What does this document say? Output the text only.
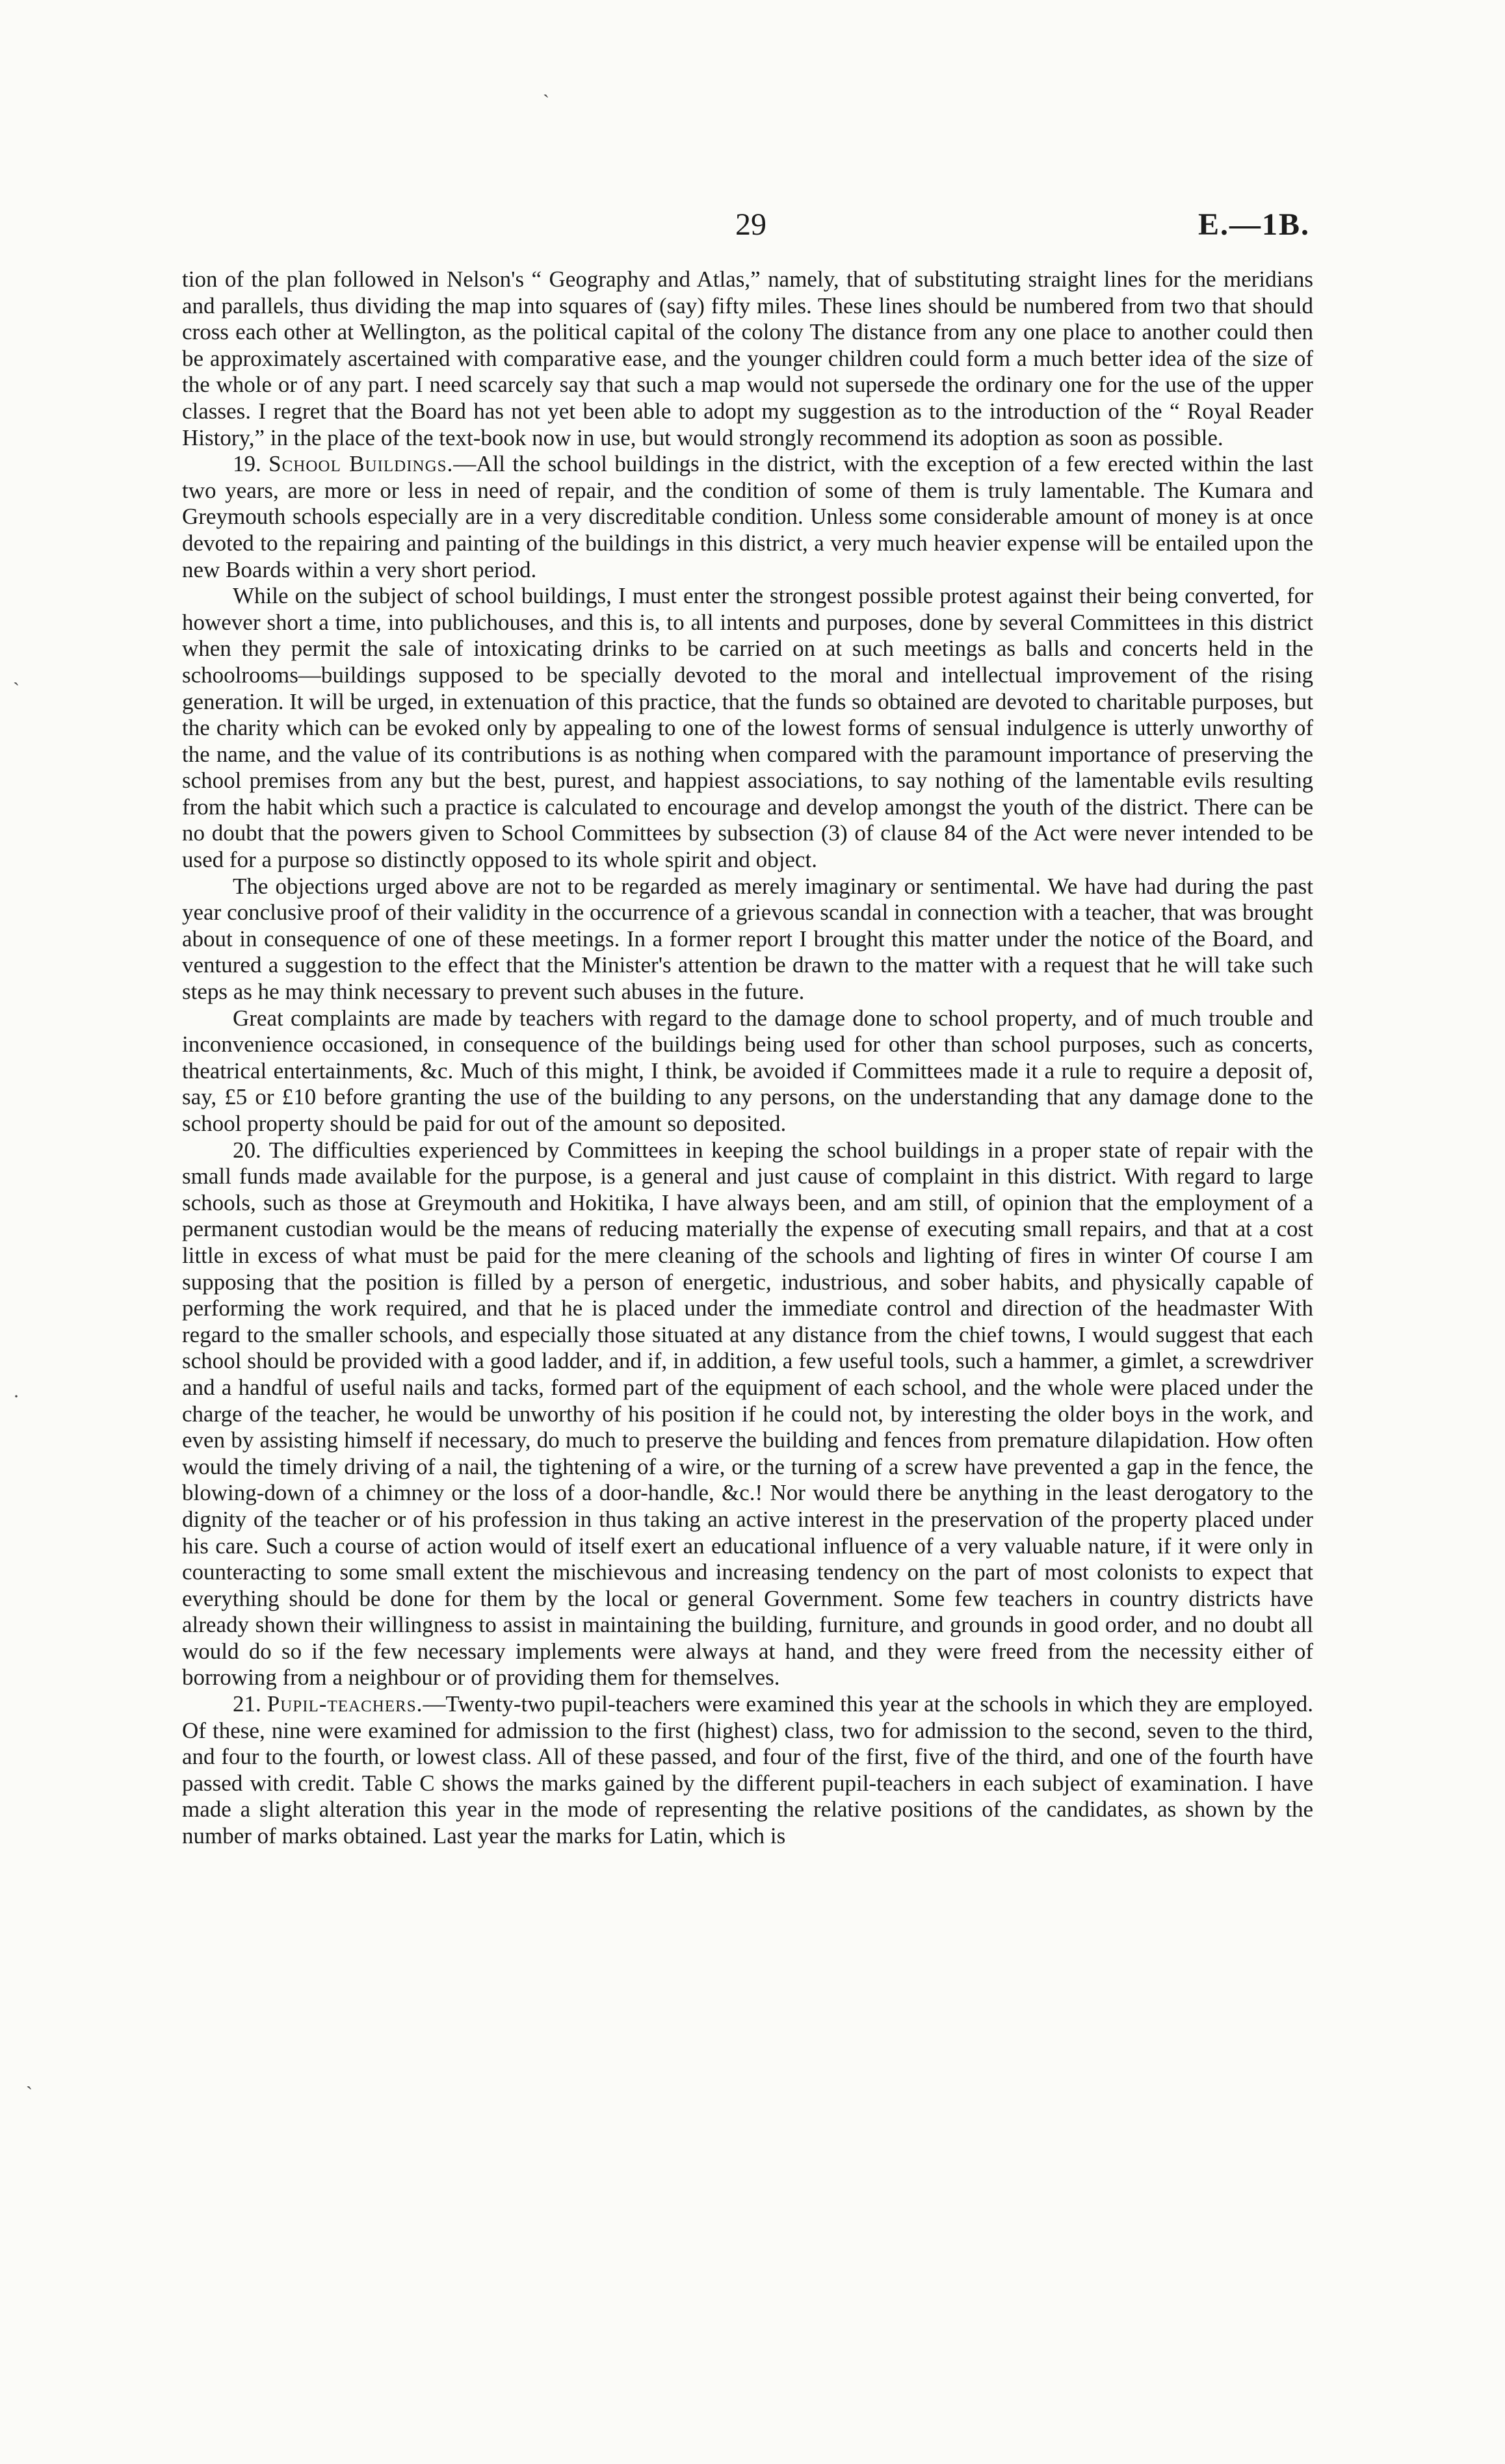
29	E.—1B.
`
ˎ
·
ˎ

tion of the plan followed in Nelson's “ Geography and Atlas,” namely, that of substituting straight lines for the meridians and parallels, thus dividing the map into squares of (say) fifty miles. These lines should be numbered from two that should cross each other at Wellington, as the political capital of the colony The distance from any one place to another could then be approximately ascertained with comparative ease, and the younger children could form a much better idea of the size of the whole or of any part. I need scarcely say that such a map would not supersede the ordinary one for the use of the upper classes. I regret that the Board has not yet been able to adopt my suggestion as to the introduction of the “ Royal Reader History,” in the place of the text-book now in use, but would strongly recommend its adoption as soon as possible.

19. School Buildings.—All the school buildings in the district, with the exception of a few erected within the last two years, are more or less in need of repair, and the condition of some of them is truly lamentable. The Kumara and Greymouth schools especially are in a very discreditable condition. Unless some considerable amount of money is at once devoted to the repairing and painting of the buildings in this district, a very much heavier expense will be entailed upon the new Boards within a very short period.

While on the subject of school buildings, I must enter the strongest possible protest against their being converted, for however short a time, into publichouses, and this is, to all intents and purposes, done by several Committees in this district when they permit the sale of intoxicating drinks to be carried on at such meetings as balls and concerts held in the schoolrooms—buildings supposed to be specially devoted to the moral and intellectual improvement of the rising generation. It will be urged, in extenuation of this practice, that the funds so obtained are devoted to charitable purposes, but the charity which can be evoked only by appealing to one of the lowest forms of sensual indulgence is utterly unworthy of the name, and the value of its contributions is as nothing when compared with the paramount importance of preserving the school premises from any but the best, purest, and happiest associations, to say nothing of the lamentable evils resulting from the habit which such a practice is calculated to encourage and develop amongst the youth of the district. There can be no doubt that the powers given to School Committees by subsection (3) of clause 84 of the Act were never intended to be used for a purpose so distinctly opposed to its whole spirit and object.

The objections urged above are not to be regarded as merely imaginary or sentimental. We have had during the past year conclusive proof of their validity in the occurrence of a grievous scandal in connection with a teacher, that was brought about in consequence of one of these meetings. In a former report I brought this matter under the notice of the Board, and ventured a suggestion to the effect that the Minister's attention be drawn to the matter with a request that he will take such steps as he may think necessary to prevent such abuses in the future.

Great complaints are made by teachers with regard to the damage done to school property, and of much trouble and inconvenience occasioned, in consequence of the buildings being used for other than school purposes, such as concerts, theatrical entertainments, &c. Much of this might, I think, be avoided if Committees made it a rule to require a deposit of, say, £5 or £10 before granting the use of the building to any persons, on the understanding that any damage done to the school property should be paid for out of the amount so deposited.

20. The difficulties experienced by Committees in keeping the school buildings in a proper state of repair with the small funds made available for the purpose, is a general and just cause of complaint in this district. With regard to large schools, such as those at Greymouth and Hokitika, I have always been, and am still, of opinion that the employment of a permanent custodian would be the means of reducing materially the expense of executing small repairs, and that at a cost little in excess of what must be paid for the mere cleaning of the schools and lighting of fires in winter Of course I am supposing that the position is filled by a person of energetic, industrious, and sober habits, and physically capable of performing the work required, and that he is placed under the immediate control and direction of the headmaster With regard to the smaller schools, and especially those situated at any distance from the chief towns, I would suggest that each school should be provided with a good ladder, and if, in addition, a few useful tools, such a hammer, a gimlet, a screwdriver and a handful of useful nails and tacks, formed part of the equipment of each school, and the whole were placed under the charge of the teacher, he would be unworthy of his position if he could not, by interesting the older boys in the work, and even by assisting himself if necessary, do much to preserve the building and fences from premature dilapidation. How often would the timely driving of a nail, the tightening of a wire, or the turning of a screw have prevented a gap in the fence, the blowing-down of a chimney or the loss of a door-handle, &c.! Nor would there be anything in the least derogatory to the dignity of the teacher or of his profession in thus taking an active interest in the preservation of the property placed under his care. Such a course of action would of itself exert an educational influence of a very valuable nature, if it were only in counteracting to some small extent the mischievous and increasing tendency on the part of most colonists to expect that everything should be done for them by the local or general Government. Some few teachers in country districts have already shown their willingness to assist in maintaining the building, furniture, and grounds in good order, and no doubt all would do so if the few necessary implements were always at hand, and they were freed from the necessity either of borrowing from a neighbour or of providing them for themselves.

21. Pupil-teachers.—Twenty-two pupil-teachers were examined this year at the schools in which they are employed. Of these, nine were examined for admission to the first (highest) class, two for admission to the second, seven to the third, and four to the fourth, or lowest class. All of these passed, and four of the first, five of the third, and one of the fourth have passed with credit. Table C shows the marks gained by the different pupil-teachers in each subject of examination. I have made a slight alteration this year in the mode of representing the relative positions of the candidates, as shown by the number of marks obtained. Last year the marks for Latin, which is
